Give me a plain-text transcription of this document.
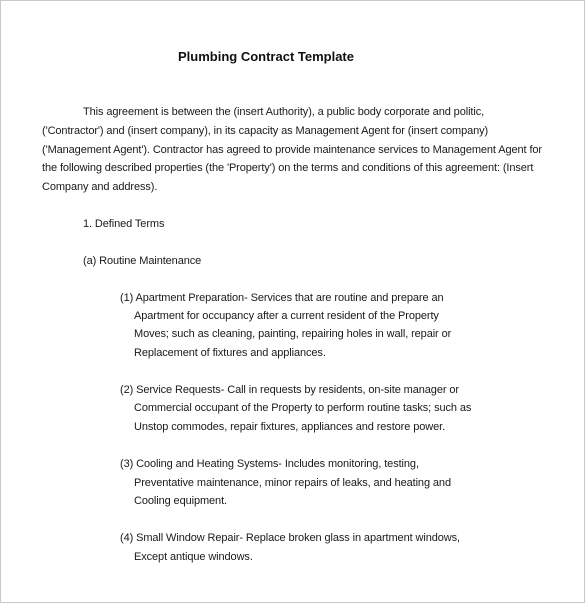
Plumbing Contract Template
This agreement is between the (insert Authority), a public body corporate and politic,
('Contractor') and (insert company), in its capacity as Management Agent for (insert company)
('Management Agent'). Contractor has agreed to provide maintenance services to Management Agent for
the following described properties (the 'Property') on the terms and conditions of this agreement: (Insert
Company and address).
1. Defined Terms
(a) Routine Maintenance
(1) Apartment Preparation- Services that are routine and prepare an
Apartment for occupancy after a current resident of the Property
Moves; such as cleaning, painting, repairing holes in wall, repair or
Replacement of fixtures and appliances.
(2) Service Requests- Call in requests by residents, on-site manager or
Commercial occupant of the Property to perform routine tasks; such as
Unstop commodes, repair fixtures, appliances and restore power.
(3) Cooling and Heating Systems- Includes monitoring, testing,
Preventative maintenance, minor repairs of leaks, and heating and
Cooling equipment.
(4) Small Window Repair- Replace broken glass in apartment windows,
Except antique windows.
